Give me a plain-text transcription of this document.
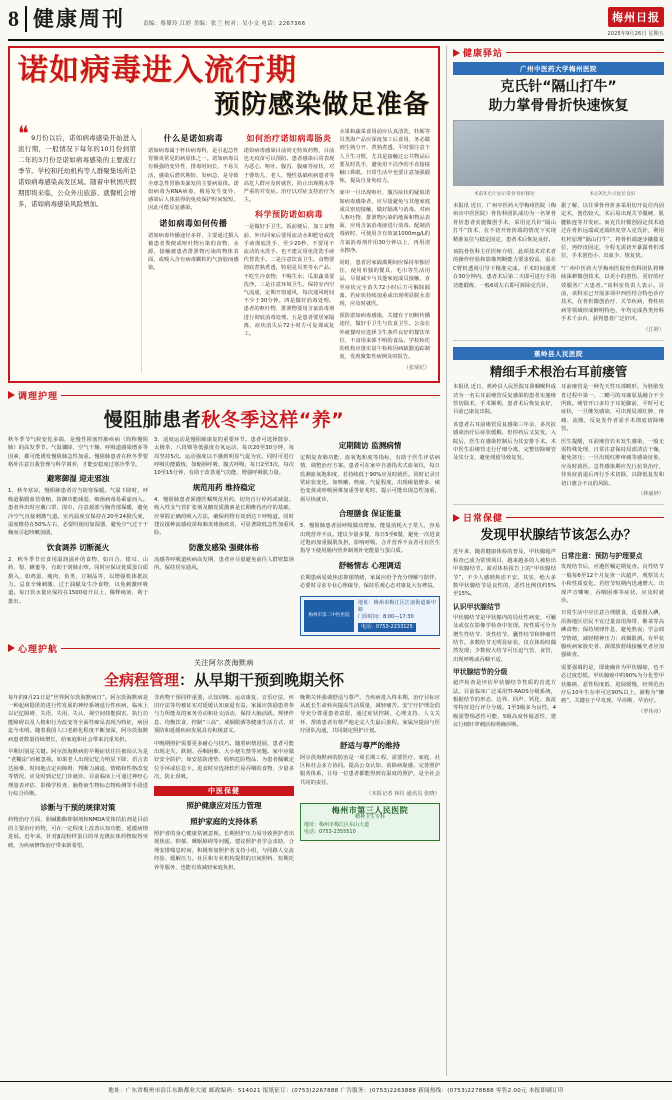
8 健康周刊	责编：蔡颦玲 江婷 美编：张兰 校对：吴小文 电话：2267366	梅州日报
2025年9月26日 星期五
诺如病毒进入流行期
预防感染做足准备
❝ 9月份以后，诺如病毒感染开始进入流行期，一般情况下每年的10月份到第二年的3月份是诺如病毒感染的主要流行季节。学校和托幼机构等人群聚集场所是诺如病毒感染高发区域。随着中秋国庆假期即将来临，公众外出旅游、就餐机会增多，诺如病毒感染风险增加。
什么是诺如病毒
诺如病毒属于杯状病毒科，是引起急性胃肠炎常见的病原体之一。诺如病毒具有极强的变异性，排毒时间长，不易失活，感染后潜伏期短、发病急，是导致全球急性胃肠炎暴发的主要病原体。诺如病毒为RNA病毒，极易发生变异，感染后人体获得的免疫保护时间较短，因此可能反复感染。
诺如病毒如何传播
诺如病毒传播途径多样，主要通过摄入被患者粪便或呕吐物污染的食物、水源，接触被患者排泄物污染的物体表面，或吸入含有病毒颗粒的气溶胶而感染。
如何治疗诺如病毒肠炎
诺如病毒感染目前尚无特效药物，目前也无疫苗可以预防。患者感染后常表现为恶心、呕吐、腹泻、腹痛等症状，对于婴幼儿、老人、慢性基础疾病患者等高危人群应及时就医，防止出现脱水等严重的并发症。治疗以对症支持治疗为主。
科学预防诺如病毒
一是做好手卫生。饭前便后、加工食物前、外出回家后要用流动水和肥皂或洗手液彻底洗手，至少20秒，不要用不流动的水洗手，也不建议用免洗洗手液代替洗手。二是注意饮食卫生。食物要彻底煮熟煮透，特别是贝类等水产品；不吃生冷食物；不喝生水；瓜果蔬菜要洗净。三是注意环境卫生。保持室内空气流通，定期开窗通风，每次通风时间不少于30分钟。四是做好消毒处理。患者的呕吐物、排泄物要用含氯消毒剂进行彻底消毒处理。五是患者要居家隔离，症状消失后72小时方可复课或复工。
水果和蔬菜食用前应认真清洗，牡蛎等贝类海产品应深度加工后食用，务必做到生熟分开、煮熟煮透。平时要注意个人卫生习惯，尤其是接触过公共物品后要及时洗手，避免用不洁净的手直接接触口鼻眼。日常生活中也要注意加强锻炼，提高自身免疫力。
家中一旦出现呕吐、腹泻症状的疑似诺如病毒感染者，应尽量避免与其他家庭成员密切接触，做好隔离与消毒。对病人呕吐物、排泄物污染的地面和物品表面，应用含氯消毒液进行消毒。配制消毒液时，可使用含有效氯1000mg/L的含氯消毒剂作用30分钟以上，再用清水擦净。
同时，患者居家隔离期间应保持单独居住，使用单独的餐具、毛巾等生活用品，尽量减少与其他家庭成员接触，直至症状完全消失72小时后方可解除隔离。若症状持续加重或出现明显脱水表现，应及时就医。
预防诺如病毒感染，关键在于切断传播途径，做好手卫生与饮食卫生。公众在外就餐时应选择卫生条件良好的餐饮单位，不食用来源不明的食品。学校和托幼机构应落实晨午检和因病缺勤追踪制度，发现聚集性病例及时报告。
（张展纪）
调理护理
慢阻肺患者秋冬季这样“养”
秋冬季节气候变化多端，是慢性阻塞性肺疾病（简称慢阻肺）的高发季节。气温骤降、空气干燥、呼吸道感染增多等因素，都可能诱发慢阻肺急性加重。慢阻肺患者在秋冬季要格外注意自我管理与科学调养，才能安稳度过寒冷季节。
避寒御湿 迎走邪浊
1．秋冬寒凉，慢阻肺患者首当防寒保暖。气温下降时，呼吸道黏膜血管收缩，防御功能减弱，细菌病毒易乘虚而入。患者外出时应戴口罩、围巾，注意颈部与胸背部保暖，避免冷空气直接刺激气道。室内温度宜保持在20至24摄氏度，湿度维持在50%左右，必要时使用加湿器，避免空气过于干燥而引起咳嗽加剧。
饮食调养 切断涎火
2．秋冬季节宜食用温润滋补的食物，如百合、银耳、山药、梨、蜂蜜等，有助于润肺止咳。同时应保证优质蛋白质摄入，如鸡蛋、瘦肉、鱼类、豆制品等，以增强机体抵抗力。忌食辛辣刺激、过于油腻及生冷食物，以免刺激呼吸道。每日饮水量应保持在1500毫升以上，稀释痰液，利于排出。
3．适度运动是慢阻肺康复的重要环节。患者可选择散步、太极拳、八段锦等低强度有氧运动，每次20至30分钟，每周坚持5次。运动强度以不感到明显气促为宜。同时可进行呼吸功能锻炼，如缩唇呼吸、腹式呼吸，每日2至3次，每次10至15分钟，有助于改善通气功能、增强呼吸肌力量。
规范用药 维持稳定
4．慢阻肺患者须遵医嘱规范用药，切勿自行停药或减量。吸入性支气管扩张剂及糖皮质激素是长期维持治疗的基础，应掌握正确的吸入方法，确保药物有效到达下呼吸道。同时建议接种流感疫苗和肺炎球菌疫苗，可显著降低急性加重风险。
防激发感染 强健体格
流感等呼吸道疾病高发期，患者应尽量避免前往人群密集场所，保持居室通风。
定期随访 监测病情
定期复查肺功能、血氧饱和度等指标，有助于医生评估病情、调整治疗方案。患者可在家中自备指夹式血氧仪，每日监测血氧饱和度，若持续低于90%应及时就医。同时记录日常症状变化，如咳嗽、咳痰、气促程度，出现痰量增多、痰色变黄或呼吸困难加重等征兆时，提示可能出现急性加重，须尽快就诊。
合理膳食 保证能量
5．慢阻肺患者因呼吸做功增加，能量消耗大于常人，容易出现营养不良。建议少量多餐，每日5至6餐，避免一次进食过饱而加重膈肌负担，影响呼吸。合并营养不良者可在医生指导下使用肠内营养制剂补充能量与蛋白质。
舒畅情志 心理调适
长期患病易致焦虑抑郁情绪，家属应给予充分理解与陪伴，必要时寻求专业心理疏导，保持乐观心态对康复大有裨益。
梅州市第二中医医院
地址：梅州市梅江区江南街道新中路
门诊时间：8:00—17:30
电话：0753-2233125
心理护航
关注阿尔茨海默病
全病程管理：从早期干预到晚期关怀
每年的9月21日是“世界阿尔茨海默病日”。阿尔茨海默病是一种起病隐匿的进行性发展的神经系统退行性疾病，临床上以记忆障碍、失语、失用、失认、视空间技能损害、执行功能障碍以及人格和行为改变等全面性痴呆表现为特征，病因迄今未明。随着我国人口老龄化程度不断加深，阿尔茨海默病患者数量持续增长，给家庭和社会带来沉重负担。
早期识别是关键。阿尔茨海默病的早期症状往往被误认为是“老糊涂”而被忽视。如果老人出现记忆力明显下降、语言表达困难、时间地点定向障碍、判断力减退、情绪和性格改变等情况，应及时到记忆门诊就诊。目前临床上可通过神经心理量表评估、影像学检查、脑脊液生物标志物检测等手段进行综合诊断。
诊断与干预的规律对策
药物治疗方面，胆碱酯酶抑制剂和NMDA受体拮抗剂是目前的主要治疗药物，可在一定程度上改善认知功能、延缓病情进展。近年来，针对β淀粉样蛋白的单克隆抗体药物取得突破，为疾病修饰治疗带来新希望。
非药物干预同样重要。认知训练、运动康复、音乐疗法、怀旧疗法等均被证实对延缓认知衰退有益。家属应鼓励患者参与力所能及的家务劳动和社交活动，保持大脑活跃。规律作息、均衡饮食、控制“三高”、戒烟限酒等健康生活方式，对预防和延缓疾病发展具有积极意义。
中晚期照护需要更多耐心与技巧。随着病情进展，患者可能出现走失、跌倒、吞咽困难、大小便失禁等问题。家中应做好安全防护，如安装防滑垫、收纳危险物品、为患者佩戴定位手环或信息卡。进食时应选择软烂易吞咽的食物，少量多次，防止误吸。
中医保健
照护健康应对压力管理
照护家庭的支持体系
照护者的身心健康常被忽视。长期照护压力易导致照护者出现焦虑、抑郁、睡眠障碍等问题。建议照护者学会求助，合理安排喘息时间，积极参加照护者支持小组，与同路人交流经验、缓解压力。社区和专业机构提供的日间照料、短期托养等服务，也能有效减轻家庭负担。
晚期关怀强调舒适与尊严。当疾病进入终末期，治疗目标应从延长生命转向提高生活质量，减轻痛苦。安宁疗护理念倡导充分尊重患者意愿，通过症状控制、心理支持、人文关怀，帮助患者有尊严地走完人生最后旅程。家属应提前与医疗团队沟通，共同制定照护计划。
舒适与尊严的维持
阿尔茨海默病的防治是一项长期工程，需要医疗、家庭、社区和社会多方协同。提高公众认知、消除病耻感、完善照护服务体系，让每一位患者都能得到有温度的照护，是全社会共同的责任。
（本报记者 林仪 通讯员 张晓）
梅州市第三人民医院
精神卫生专科
地址：梅州市梅江区东山大道
电话：0753-2355510
健康驿站
广州中医药大学梅州医院
克氏针“隔山打牛”
助力掌骨骨折快速恢复
术前X光片显示掌骨骨折移位	术后X光片示复位良好
本报讯 近日，广州中医药大学梅州医院（梅州市中医医院）骨伤科团队成功为一名掌骨骨折患者实施微创手术，采用克氏针“隔山打牛”技术，在不切开骨折端的情况下实现精准复位与稳定固定，患者术后恢复良好。
该院骨伤科主任医师介绍，此项技术对术者的操作经验和影像判断能力要求较高，需在C臂机透视引导下精准完成。手术时间通常在30分钟内，患者术后第二天即可进行手指功能锻炼，一般6周左右即可拆除克氏针。
据了解，以往掌骨骨折多采用切开复位内固定术，创伤较大，术后易出现关节僵硬、肌腱粘连等并发症。而克氏针微创固定技术通过在骨折远端或近端经皮穿入克氏针，利用杠杆原理“隔山打牛”，将骨折端逐步撬拨复位，再经皮固定，全程无需切开暴露骨折部位，手术创伤小、出血少、恢复快。
“广州中医药大学梅州医院骨伤科团队将继续深耕微创技术，以更小的创伤、更好的疗效服务广大患者。”该科室负责人表示。目前，该科室已开展多项中西医结合特色诊疗技术，在骨折微创治疗、关节疾病、脊柱疾病等领域形成鲜明特色，年均完成各类骨科手术千余台，获得患者广泛好评。
（江婷）
蕉岭县人民医院
精细手术根治右耳前瘘管
本报讯 近日，蕉岭县人民医院耳鼻咽喉科成功为一名右耳前瘘管反复感染的患者实施瘘管切除术，手术顺利，患者术后恢复良好，目前已康复出院。
该患者右耳前瘘管反复感染三年余，多次抗感染治疗后症状缓解，但停药后又复发。入院后，医生在感染控制后为其安排手术。术中医生沿瘘管走行仔细分离，完整切除瘘管及其分支，避免残留导致复发。
耳前瘘管是一种先天性耳部畸形，为胚胎发育过程中第一、二鳃弓的耳廓原基融合不全所致。瘘管开口多位于耳轮脚前，平时可无症状，一旦继发感染，可出现局部红肿、疼痛、流脓，反复发作者需手术彻底切除瘘管。
医生提醒，耳前瘘管若未发生感染，一般无需特殊处理，日常注意保持局部清洁干燥，避免挤压；一旦出现红肿疼痛等感染征象，应及时就医。急性感染期应先行抗炎治疗，待炎症消退后再行手术切除，以降低复发和切口愈合不良的风险。
（林丽妙）
日常保健
发现甲状腺结节该怎么办？
近年来，随着健康体检的普及，甲状腺超声检查已成为常规项目，越来越多的人被检出甲状腺结节。面对体检报告上的“甲状腺结节”，不少人感到焦虑不安。其实，绝大多数甲状腺结节是良性的，恶性比例仅约5%至15%。
认识甲状腺结节
甲状腺结节是甲状腺内的局灶性病变，可触及或仅在影像学检查中发现。按性质可分为增生性结节、炎性结节、囊性结节和肿瘤性结节。多数结节无明显症状，仅在体检时偶然发现；少数较大结节可压迫气管、食管，出现呼吸或吞咽不适。
甲状腺结节的分级
超声检查是评估甲状腺结节性质的首选方法。目前临床广泛采用TI-RADS分级系统，根据结节的形态、边界、回声、钙化、血流等特征进行评分分级。1至3级多为良性，4级需警惕恶性可能，5级高度怀疑恶性，建议行细针穿刺活检明确诊断。
日常注意：预防与护理要点
发现结节后，应遵医嘱定期复查。良性结节一般每6至12个月复查一次超声，观察其大小和性质变化。若结节短期内迅速增大、出现声音嘶哑、吞咽困难等症状，应及时就诊。
日常生活中应注意合理膳食，适量摄入碘，沿海地区居民不宜过量食用海带、紫菜等高碘食物；保持规律作息，避免熬夜；学会调节情绪，减轻精神压力；戒烟限酒。有甲状腺疾病家族史者、颈部放射线接触史者应加强筛查。
需要强调的是，即使确诊为甲状腺癌，也不必过度恐慌。甲状腺癌中约90%为分化型甲状腺癌，恶性程度低、进展缓慢，经规范治疗后10年生存率可达90%以上，被称为“懒癌”。关键在于早发现、早诊断、早治疗。
（罗伟章）
地址：广东省梅州市沿江东路都业大厦 邮政编码：514021 报纸征订：(0753)2267888 广告服务：(0753)2263888 新闻热线：(0753)2278888 零售2.00元 本报即刷订印
